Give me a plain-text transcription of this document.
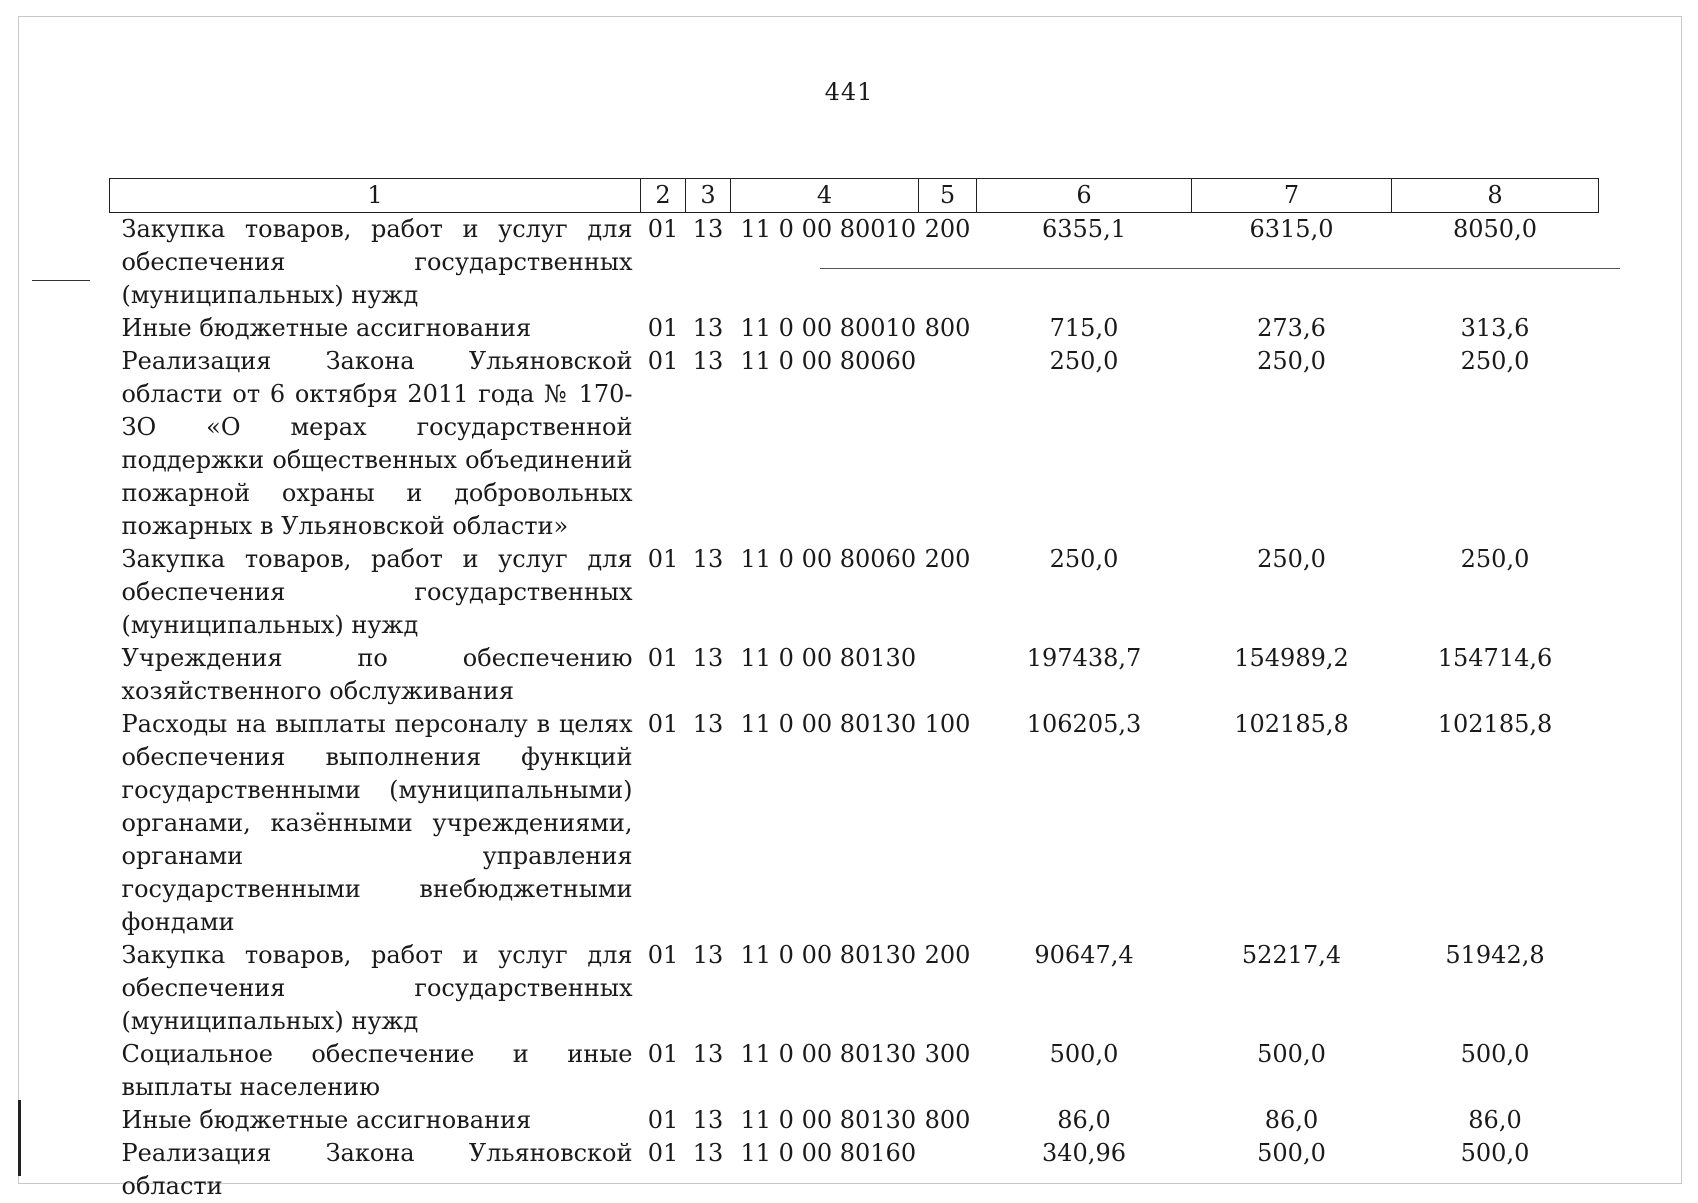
441
1	2	3	4	5	6	7	8
Закупка товаров, работ и услуг для обеспечения государственных (муниципальных) нужд	01	13	11 0 00 80010	200	6355,1	6315,0	8050,0
Иные бюджетные ассигнования	01	13	11 0 00 80010	800	715,0	273,6	313,6
Реализация Закона Ульяновской области от 6 октября 2011 года № 170-ЗО «О мерах государственной поддержки общественных объединений пожарной охраны и добровольных пожарных в Ульяновской области»	01	13	11 0 00 80060		250,0	250,0	250,0
Закупка товаров, работ и услуг для обеспечения государственных (муниципальных) нужд	01	13	11 0 00 80060	200	250,0	250,0	250,0
Учреждения по обеспечению хозяйственного обслуживания	01	13	11 0 00 80130		197438,7	154989,2	154714,6
Расходы на выплаты персоналу в целях обеспечения выполнения функций государственными (муниципальными) органами, казёнными учреждениями, органами управления государственными внебюджетными фондами	01	13	11 0 00 80130	100	106205,3	102185,8	102185,8
Закупка товаров, работ и услуг для обеспечения государственных (муниципальных) нужд	01	13	11 0 00 80130	200	90647,4	52217,4	51942,8
Социальное обеспечение и иные выплаты населению	01	13	11 0 00 80130	300	500,0	500,0	500,0
Иные бюджетные ассигнования	01	13	11 0 00 80130	800	86,0	86,0	86,0
Реализация Закона Ульяновской области	01	13	11 0 00 80160		340,96	500,0	500,0
